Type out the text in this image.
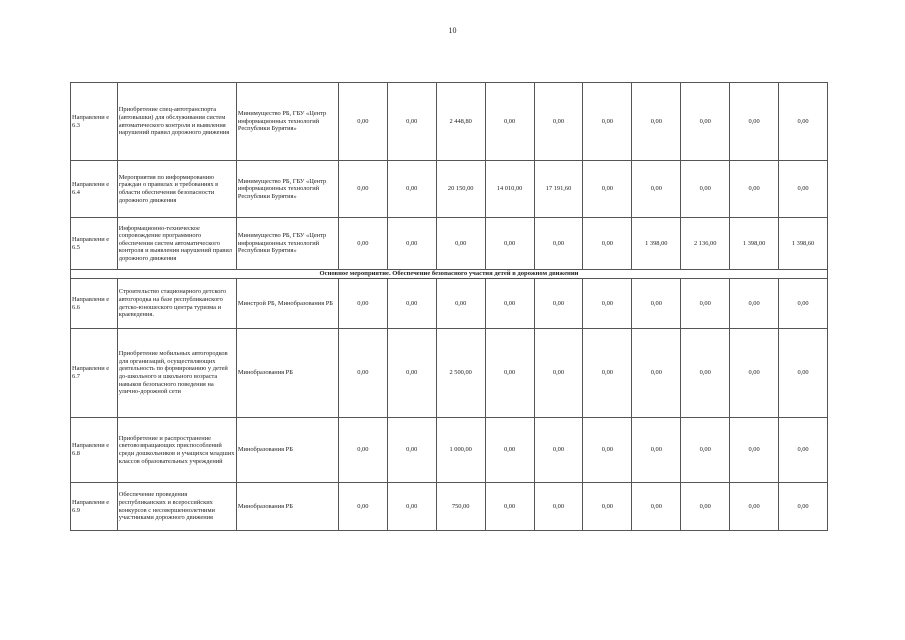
10
Направлени е 6.3	Приобретение спец-автотранспорта (автовышки) для обслуживания систем автоматического контроля и выявления нарушений правил дорожного движения	Минимущество РБ, ГБУ «Центр информационных технологий Республики Бурятия»	0,00	0,00	2 448,80	0,00	0,00	0,00	0,00	0,00	0,00	0,00
Направлени е 6.4	Мероприятия по информированию граждан о правилах и требованиях в области обеспечения безопасности дорожного движения	Минимущество РБ, ГБУ «Центр информационных технологий Республики Бурятия»	0,00	0,00	20 150,00	14 010,00	17 191,60	0,00	0,00	0,00	0,00	0,00
Направлени е 6.5	Информационно-техническое сопровождение программного обеспечения систем автоматического контроля и выявления нарушений правил дорожного движения	Минимущество РБ, ГБУ «Центр информационных технологий Республики Бурятия»	0,00	0,00	0,00	0,00	0,00	0,00	1 398,00	2 136,00	1 398,00	1 398,60
Основное мероприятие. Обеспечение безопасного участия детей в дорожном движении												
Направлени е 6.6	Строительство стационарного детского автогородка на базе республиканского детско-юношеского центра туризма и краеведения.	Минстрой РБ, Минобразования РБ	0,00	0,00	0,00	0,00	0,00	0,00	0,00	0,00	0,00	0,00
Направлени е 6.7	Приобретение мобильных автогородков для организаций, осуществляющих деятельность по формированию у детей до-школьного и школьного возраста навыков безопасного поведения на улично-дорожной сети	Минобразования РБ	0,00	0,00	2 500,00	0,00	0,00	0,00	0,00	0,00	0,00	0,00
Направлени е 6.8	Приобретение и распространение световозвращающих приспособлений среди дошкольников и учащихся младших классов образовательных учреждений	Минобразования РБ	0,00	0,00	1 000,00	0,00	0,00	0,00	0,00	0,00	0,00	0,00
Направлени е 6.9	Обеспечение проведения республиканских и всероссийских конкурсов с несовершеннолетними участниками дорожного движения	Минобразования РБ	0,00	0,00	750,00	0,00	0,00	0,00	0,00	0,00	0,00	0,00
